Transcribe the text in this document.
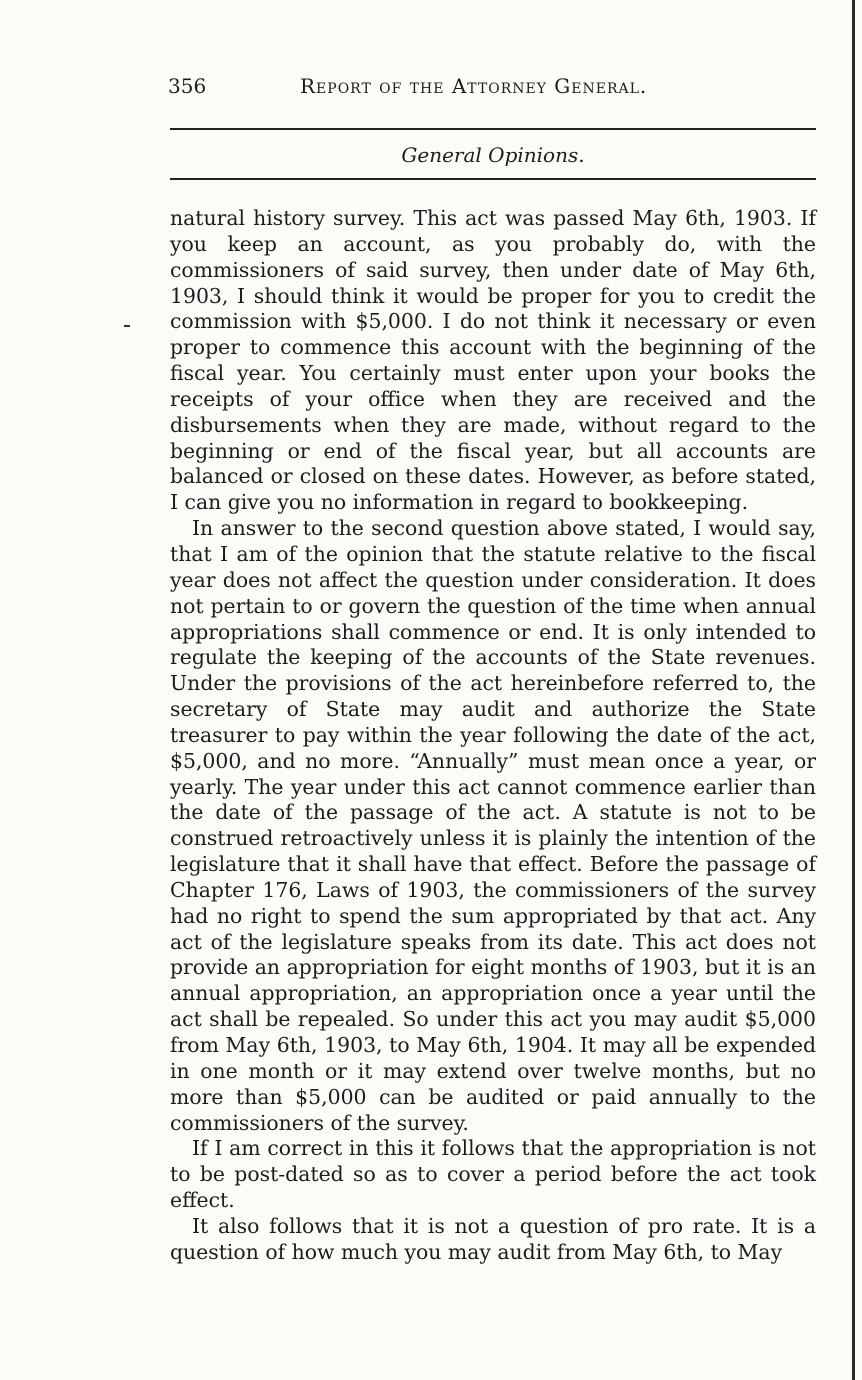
356	Report of the Attorney General.
General Opinions.

natural history survey. This act was passed May 6th, 1903. If you keep an account, as you probably do, with the commissioners of said survey, then under date of May 6th, 1903, I should think it would be proper for you to credit the commission with $5,000. I do not think it necessary or even proper to commence this account with the beginning of the fiscal year. You certainly must enter upon your books the receipts of your office when they are received and the disbursements when they are made, without regard to the beginning or end of the fiscal year, but all accounts are balanced or closed on these dates. However, as before stated, I can give you no information in regard to bookkeeping.

In answer to the second question above stated, I would say, that I am of the opinion that the statute relative to the fiscal year does not affect the question under consideration. It does not pertain to or govern the question of the time when annual appropriations shall commence or end. It is only intended to regulate the keeping of the accounts of the State revenues. Under the provisions of the act hereinbefore referred to, the secretary of State may audit and authorize the State treasurer to pay within the year following the date of the act, $5,000, and no more. “Annually” must mean once a year, or yearly. The year under this act cannot commence earlier than the date of the passage of the act. A statute is not to be construed retroactively unless it is plainly the intention of the legislature that it shall have that effect. Before the passage of Chapter 176, Laws of 1903, the commissioners of the survey had no right to spend the sum appropriated by that act. Any act of the legislature speaks from its date. This act does not provide an appropriation for eight months of 1903, but it is an annual appropriation, an appropriation once a year until the act shall be repealed. So under this act you may audit $5,000 from May 6th, 1903, to May 6th, 1904. It may all be expended in one month or it may extend over twelve months, but no more than $5,000 can be audited or paid annually to the commissioners of the survey.

If I am correct in this it follows that the appropriation is not to be post-dated so as to cover a period before the act took effect.

It also follows that it is not a question of pro rate. It is a question of how much you may audit from May 6th, to May
